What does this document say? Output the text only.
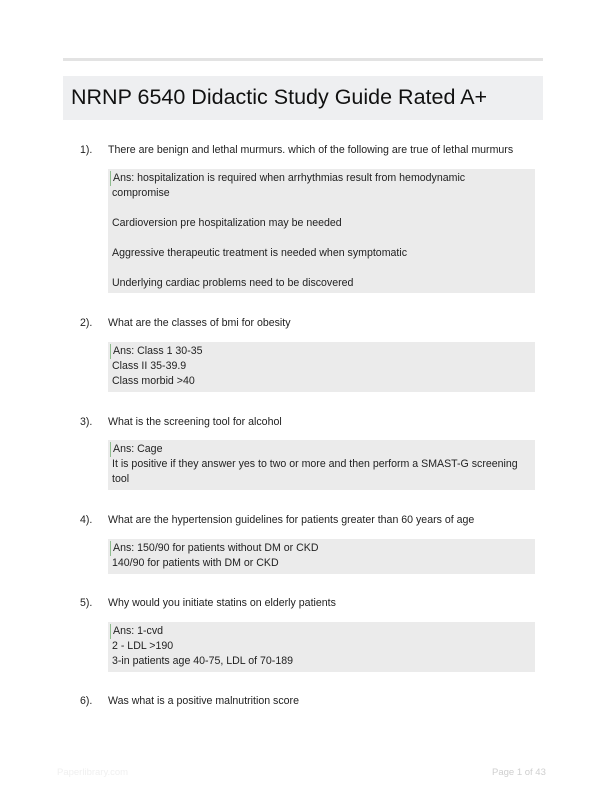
NRNP 6540 Didactic Study Guide Rated A+
1). There are benign and lethal murmurs. which of the following are true of lethal murmurs
Ans: hospitalization is required when arrhythmias result from hemodynamic
compromise
Cardioversion pre hospitalization may be needed
Aggressive therapeutic treatment is needed when symptomatic
Underlying cardiac problems need to be discovered
2). What are the classes of bmi for obesity
Ans: Class 1 30-35
Class II 35-39.9
Class morbid >40
3). What is the screening tool for alcohol
Ans: Cage
It is positive if they answer yes to two or more and then perform a SMAST-G screening
tool
4). What are the hypertension guidelines for patients greater than 60 years of age
Ans: 150/90 for patients without DM or CKD
140/90 for patients with DM or CKD
5). Why would you initiate statins on elderly patients
Ans: 1-cvd
2 - LDL >190
3-in patients age 40-75, LDL of 70-189
6). Was what is a positive malnutrition score
Paperlibrary.com	Page 1 of 43
